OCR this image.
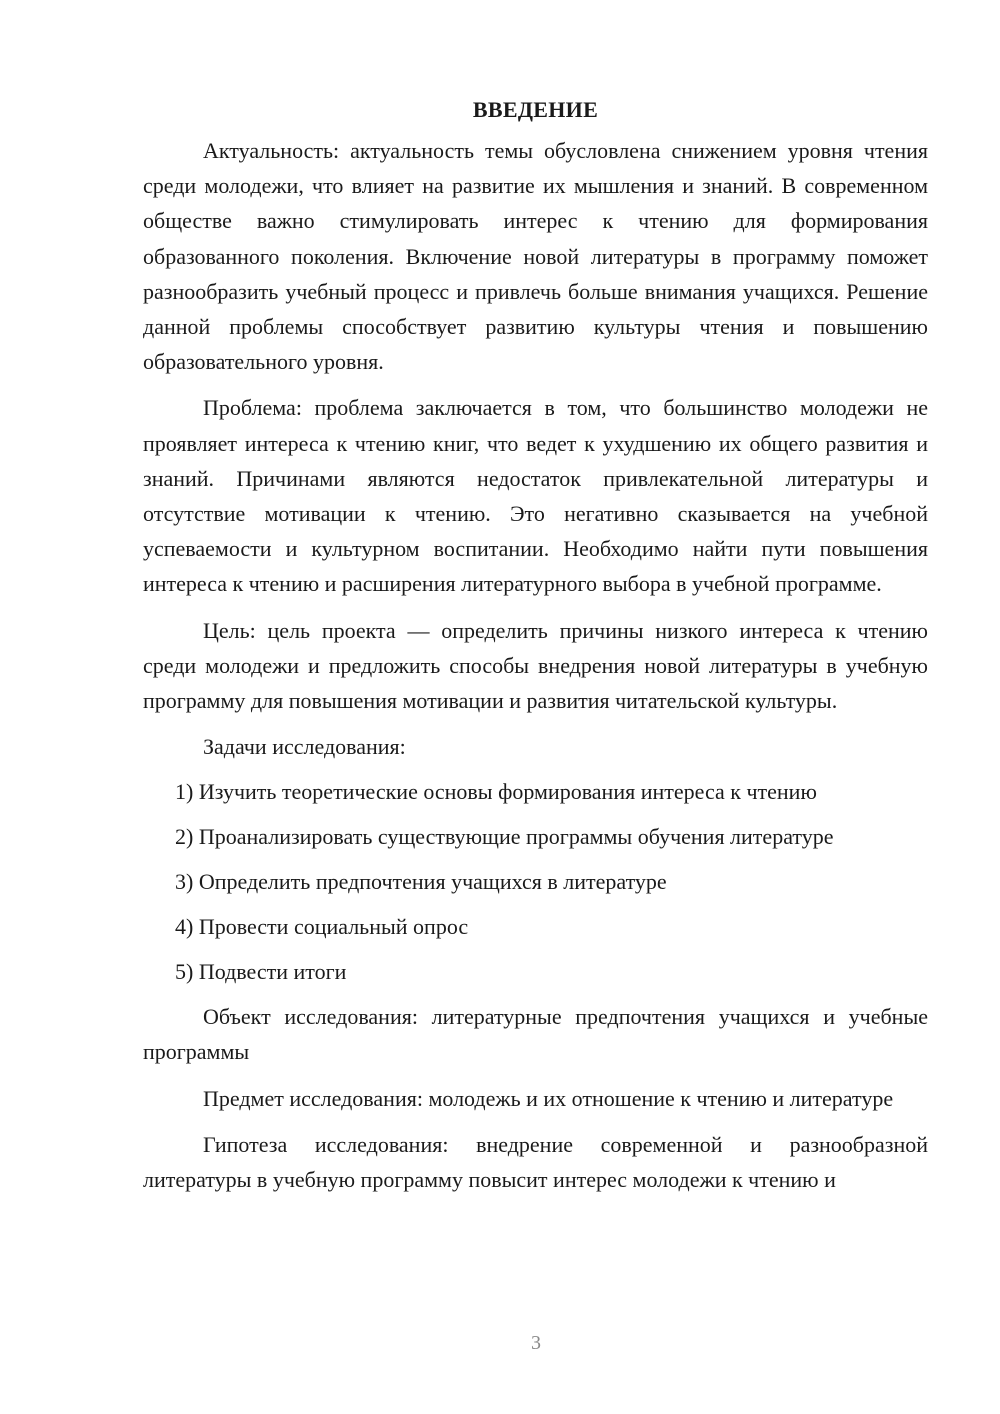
ВВЕДЕНИЕ

Актуальность: актуальность темы обусловлена снижением уровня чтения среди молодежи, что влияет на развитие их мышления и знаний. В современном обществе важно стимулировать интерес к чтению для формирования образованного поколения. Включение новой литературы в программу поможет разнообразить учебный процесс и привлечь больше внимания учащихся. Решение данной проблемы способствует развитию культуры чтения и повышению образовательного уровня.

Проблема: проблема заключается в том, что большинство молодежи не проявляет интереса к чтению книг, что ведет к ухудшению их общего развития и знаний. Причинами являются недостаток привлекательной литературы и отсутствие мотивации к чтению. Это негативно сказывается на учебной успеваемости и культурном воспитании. Необходимо найти пути повышения интереса к чтению и расширения литературного выбора в учебной программе.

Цель: цель проекта — определить причины низкого интереса к чтению среди молодежи и предложить способы внедрения новой литературы в учебную программу для повышения мотивации и развития читательской культуры.

Задачи исследования:
1) Изучить теоретические основы формирования интереса к чтению
2) Проанализировать существующие программы обучения литературе
3) Определить предпочтения учащихся в литературе
4) Провести социальный опрос
5) Подвести итоги

Объект исследования: литературные предпочтения учащихся и учебные программы

Предмет исследования: молодежь и их отношение к чтению и литературе

Гипотеза исследования: внедрение современной и разнообразной литературы в учебную программу повысит интерес молодежи к чтению и

3
